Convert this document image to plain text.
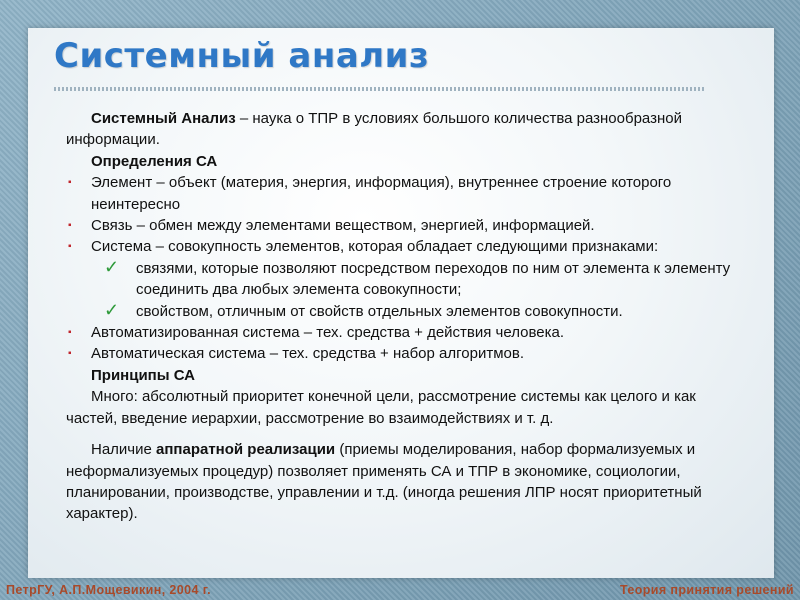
Системный анализ

Системный Анализ – наука о ТПР в условиях большого количества разнообразной информации.

Определения СА

▪ Элемент – объект (материя, энергия, информация), внутреннее строение которого неинтересно
▪ Связь – обмен между элементами веществом, энергией, информацией.
▪ Система – совокупность элементов, которая обладает следующими признаками:
✓ связями, которые позволяют посредством переходов по ним от элемента к элементу соединить два любых элемента совокупности;
✓ свойством, отличным от свойств отдельных элементов совокупности.
▪ Автоматизированная система – тех. средства + действия человека.
▪ Автоматическая система – тех. средства + набор алгоритмов.

Принципы СА

Много: абсолютный приоритет конечной цели, рассмотрение системы как целого и как частей, введение иерархии, рассмотрение во взаимодействиях и т. д.

Наличие аппаратной реализации (приемы моделирования, набор формализуемых и неформализуемых процедур) позволяет применять СА и ТПР в экономике, социологии, планировании, производстве, управлении и т.д. (иногда решения ЛПР носят приоритетный характер).

ПетрГУ, А.П.Мощевикин, 2004 г.	Теория принятия решений
